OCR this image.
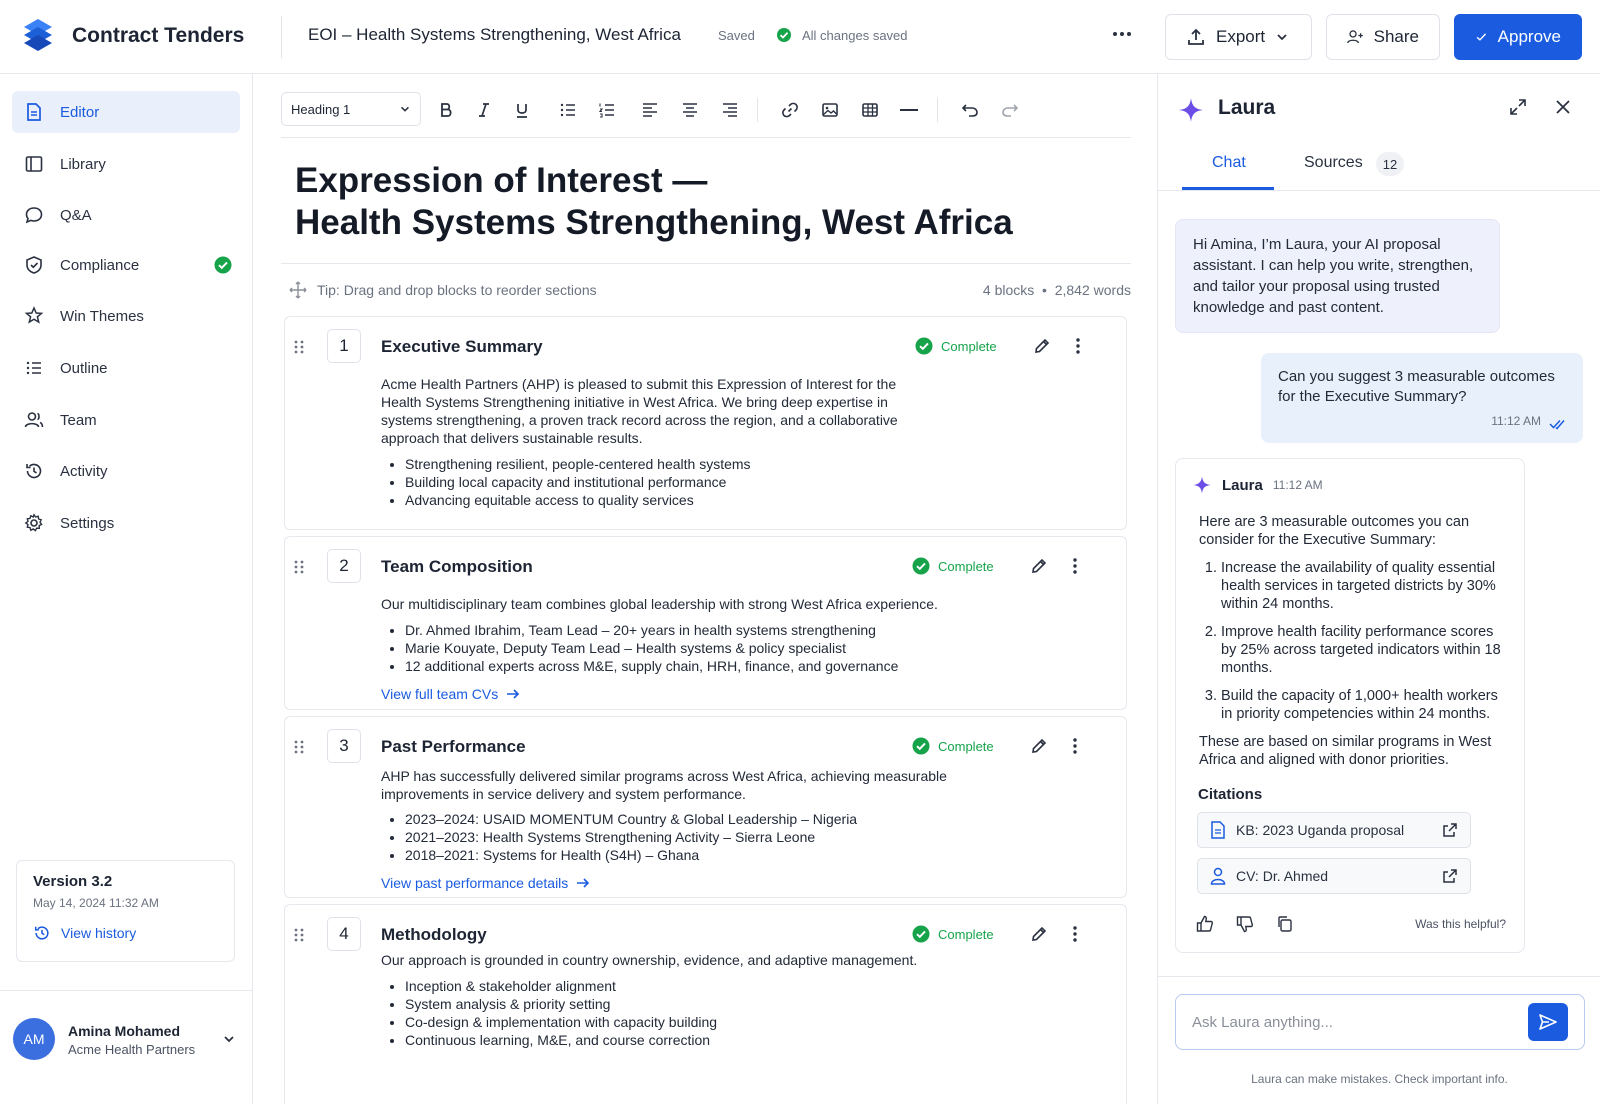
Contract Tenders	EOI – Health Systems Strengthening, West Africa	Saved	All changes saved	Export	Share	Approve
Editor
Library
Q&A
Compliance
Win Themes
Outline
Team
Activity
Settings
Version 3.2
May 14, 2024 11:32 AM
View history
AM	Amina Mohamed
Acme Health Partners
Heading 1
Expression of Interest —
Health Systems Strengthening, West Africa
Tip: Drag and drop blocks to reorder sections	4 blocks • 2,842 words
1	Executive Summary	Complete
Acme Health Partners (AHP) is pleased to submit this Expression of Interest for the Health Systems Strengthening initiative in West Africa. We bring deep expertise in systems strengthening, a proven track record across the region, and a collaborative approach that delivers sustainable results.
• Strengthening resilient, people-centered health systems
• Building local capacity and institutional performance
• Advancing equitable access to quality services
2	Team Composition	Complete
Our multidisciplinary team combines global leadership with strong West Africa experience.
• Dr. Ahmed Ibrahim, Team Lead – 20+ years in health systems strengthening
• Marie Kouyate, Deputy Team Lead – Health systems & policy specialist
• 12 additional experts across M&E, supply chain, HRH, finance, and governance
View full team CVs
3	Past Performance	Complete
AHP has successfully delivered similar programs across West Africa, achieving measurable improvements in service delivery and system performance.
• 2023–2024: USAID MOMENTUM Country & Global Leadership – Nigeria
• 2021–2023: Health Systems Strengthening Activity – Sierra Leone
• 2018–2021: Systems for Health (S4H) – Ghana
View past performance details
4	Methodology	Complete
Our approach is grounded in country ownership, evidence, and adaptive management.
• Inception & stakeholder alignment
• System analysis & priority setting
• Co-design & implementation with capacity building
• Continuous learning, M&E, and course correction
Laura
Chat	Sources	12
Hi Amina, I’m Laura, your AI proposal assistant. I can help you write, strengthen, and tailor your proposal using trusted knowledge and past content.
Can you suggest 3 measurable outcomes for the Executive Summary?
11:12 AM
Laura 11:12 AM
Here are 3 measurable outcomes you can consider for the Executive Summary:
1. Increase the availability of quality essential health services in targeted districts by 30% within 24 months.
2. Improve health facility performance scores by 25% across targeted indicators within 18 months.
3. Build the capacity of 1,000+ health workers in priority competencies within 24 months.
These are based on similar programs in West Africa and aligned with donor priorities.
Citations
KB: 2023 Uganda proposal
CV: Dr. Ahmed
Was this helpful?
Ask Laura anything...
Laura can make mistakes. Check important info.
